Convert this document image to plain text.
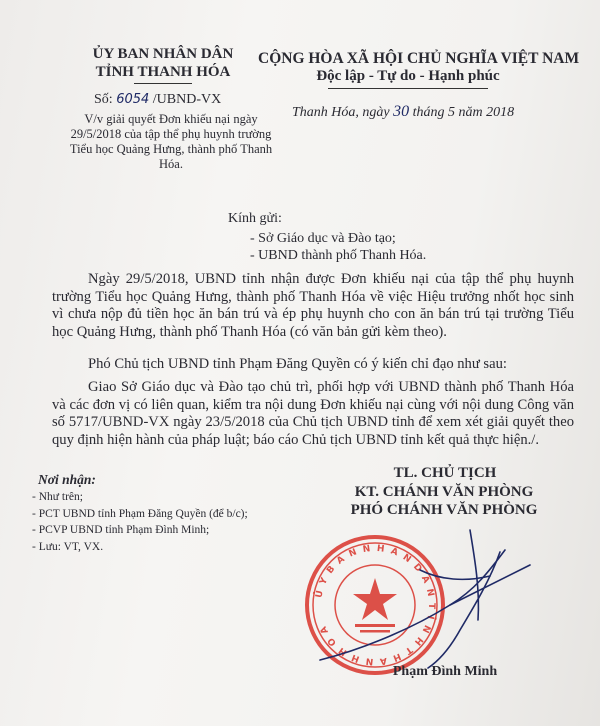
ỦY BAN NHÂN DÂN
TỈNH THANH HÓA
CỘNG HÒA XÃ HỘI CHỦ NGHĨA VIỆT NAM
Độc lập - Tự do - Hạnh phúc
Số: 6054 /UBND-VX
Thanh Hóa, ngày 30 tháng 5 năm 2018
V/v giải quyết Đơn khiếu nại ngày 29/5/2018 của tập thể phụ huynh trường Tiểu học Quảng Hưng, thành phố Thanh Hóa.
Kính gửi:
- Sở Giáo dục và Đào tạo;
- UBND thành phố Thanh Hóa.
Ngày 29/5/2018, UBND tỉnh nhận được Đơn khiếu nại của tập thể phụ huynh trường Tiểu học Quảng Hưng, thành phố Thanh Hóa về việc Hiệu trưởng nhốt học sinh vì chưa nộp đủ tiền học ăn bán trú và ép phụ huynh cho con ăn bán trú tại trường Tiểu học Quảng Hưng, thành phố Thanh Hóa (có văn bản gửi kèm theo).
Phó Chủ tịch UBND tỉnh Phạm Đăng Quyền có ý kiến chỉ đạo như sau:
Giao Sở Giáo dục và Đào tạo chủ trì, phối hợp với UBND thành phố Thanh Hóa và các đơn vị có liên quan, kiểm tra nội dung Đơn khiếu nại cùng với nội dung Công văn số 5717/UBND-VX ngày 23/5/2018 của Chủ tịch UBND tỉnh để xem xét giải quyết theo quy định hiện hành của pháp luật; báo cáo Chủ tịch UBND tỉnh kết quả thực hiện./.
Nơi nhận:
- Như trên;
- PCT UBND tỉnh Phạm Đăng Quyền (để b/c);
- PCVP UBND tỉnh Phạm Đình Minh;
- Lưu: VT, VX.
TL. CHỦ TỊCH
KT. CHÁNH VĂN PHÒNG
PHÓ CHÁNH VĂN PHÒNG
Ủ Y B A N N H Â N D Â N T Ỉ N H T H A N H H Ó A
Phạm Đình Minh
